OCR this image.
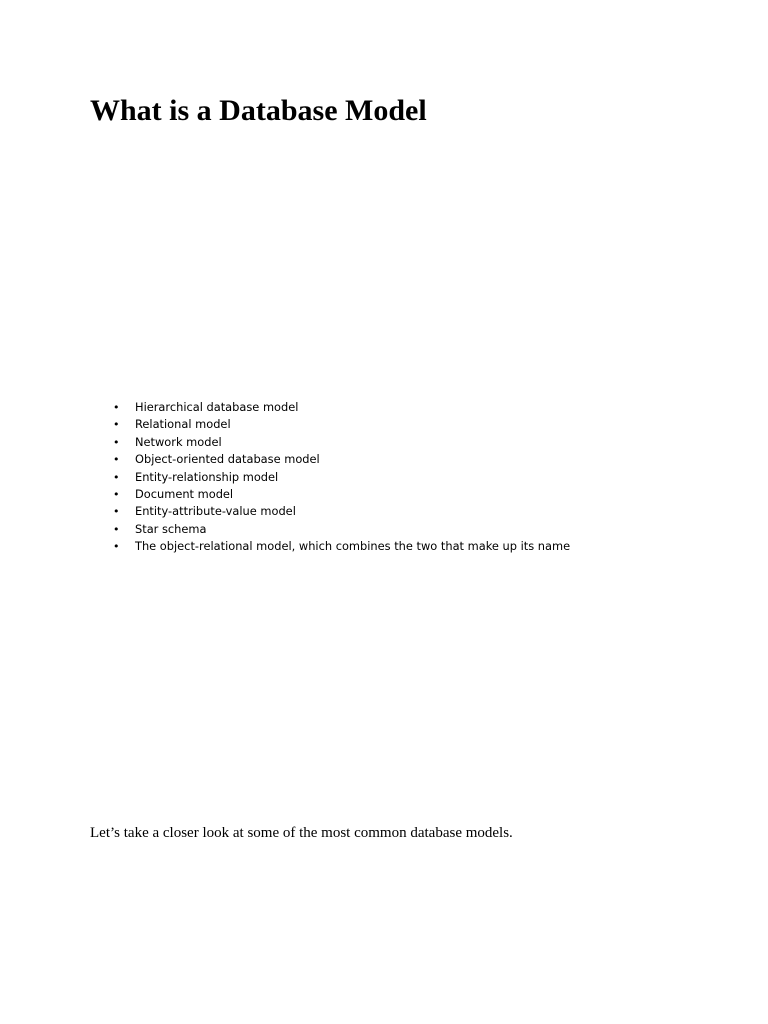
What is a Database Model
•	Hierarchical database model
•	Relational model
•	Network model
•	Object-oriented database model
•	Entity-relationship model
•	Document model
•	Entity-attribute-value model
•	Star schema
•	The object-relational model, which combines the two that make up its name

Let’s take a closer look at some of the most common database models.
